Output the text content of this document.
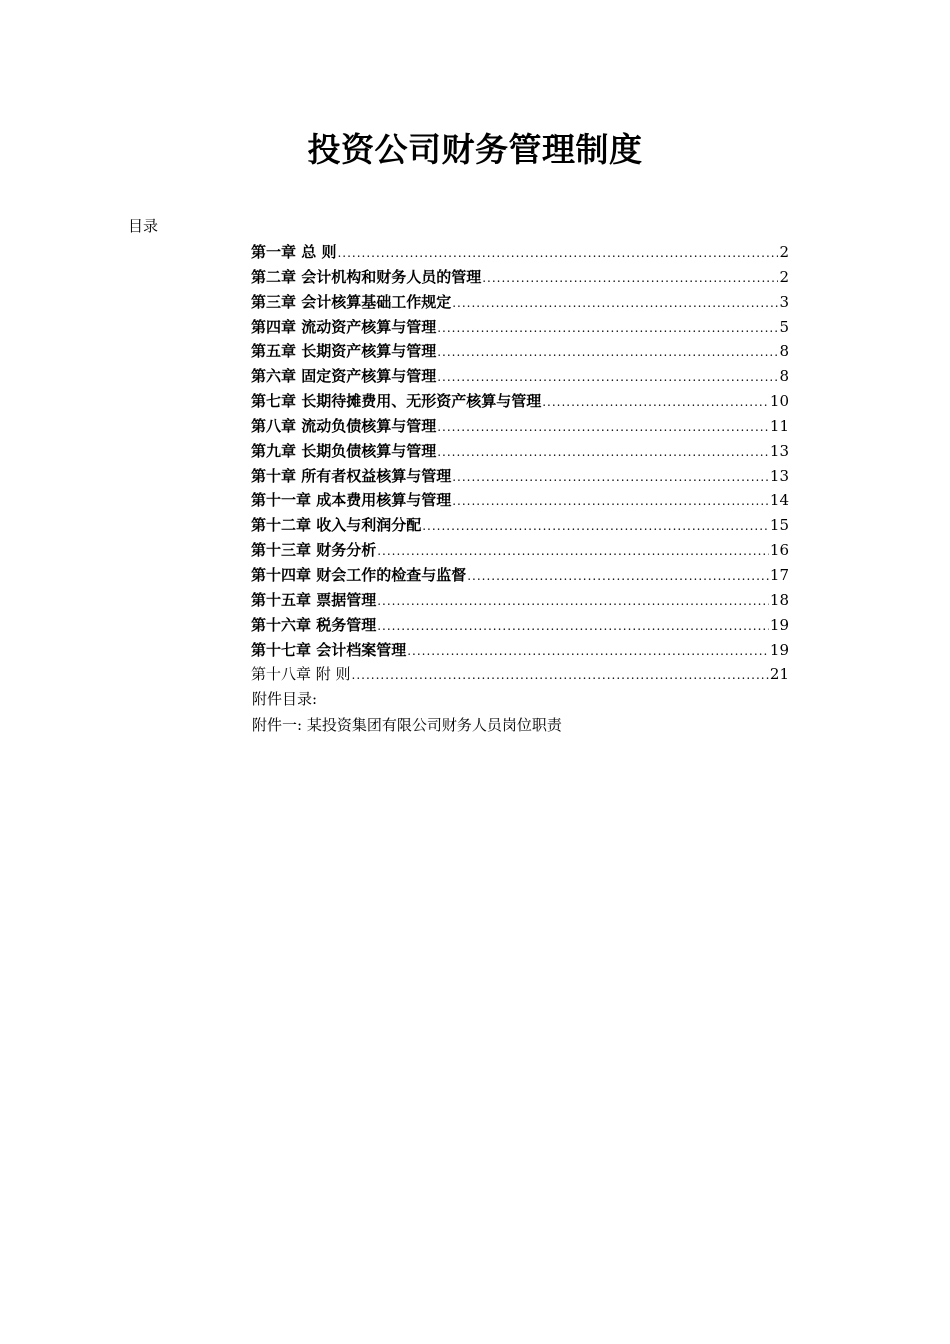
投资公司财务管理制度
目录
第一章 总 则 .....	2
第二章 会计机构和财务人员的管理 .....	2
第三章 会计核算基础工作规定 .....	3
第四章 流动资产核算与管理 .....	5
第五章 长期资产核算与管理 .....	8
第六章 固定资产核算与管理 .....	8
第七章 长期待摊费用、无形资产核算与管理 .....	10
第八章 流动负债核算与管理 .....	11
第九章 长期负债核算与管理 .....	13
第十章 所有者权益核算与管理 .....	13
第十一章 成本费用核算与管理 .....	14
第十二章 收入与利润分配 .....	15
第十三章 财务分析 .....	16
第十四章 财会工作的检查与监督 .....	17
第十五章 票据管理 .....	18
第十六章 税务管理 .....	19
第十七章 会计档案管理 .....	19
第十八章 附 则 .....	21
附件目录:
附件一: 某投资集团有限公司财务人员岗位职责
